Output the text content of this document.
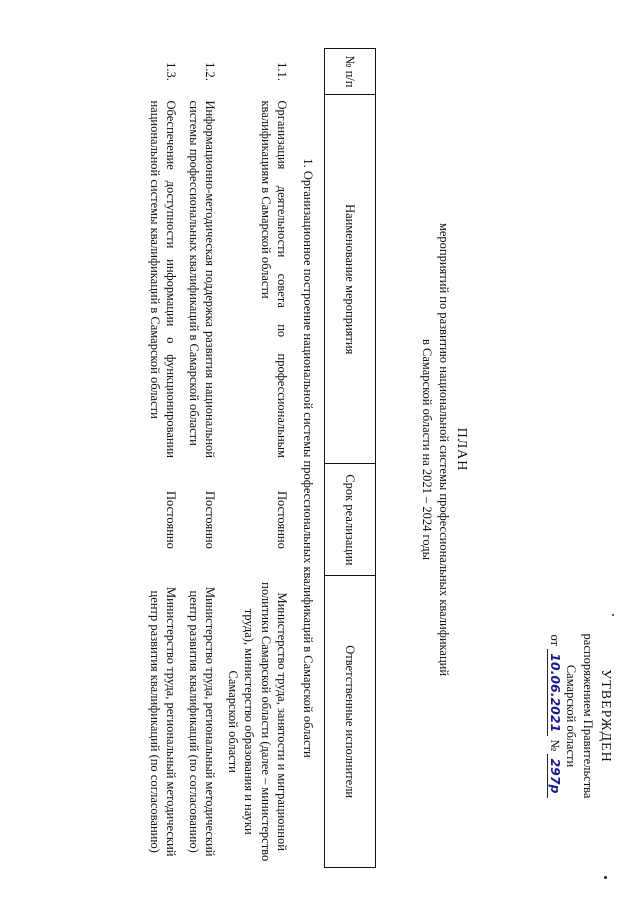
УТВЕРЖДЕН
распоряжением Правительства
Самарской области
от 10.06.2021 № 297р
ПЛАН
мероприятий по развитию национальной системы профессиональных квалификаций
в Самарской области на 2021 – 2024 годы
№ п/п	Наименование мероприятия	Срок реализации	Ответственные исполнители
1. Организационное построение национальной системы профессиональных квалификаций в Самарской области			
1.1.	Организация деятельности совета по профессиональным квалификациям в Самарской области	Постоянно	Министерство труда, занятости и миграционной политики Самарской области (далее – министерство труда), министерство образования и науки Самарской области
1.2.	Информационно-методическая поддержка развития национальной системы профессиональных квалификаций в Самарской области	Постоянно	Министерство труда, региональный методический центр развития квалификаций (по согласованию)
1.3.	Обеспечение доступности информации о функционировании национальной системы квалификаций в Самарской области	Постоянно	Министерство труда, региональный методический центр развития квалификаций (по согласованию)
